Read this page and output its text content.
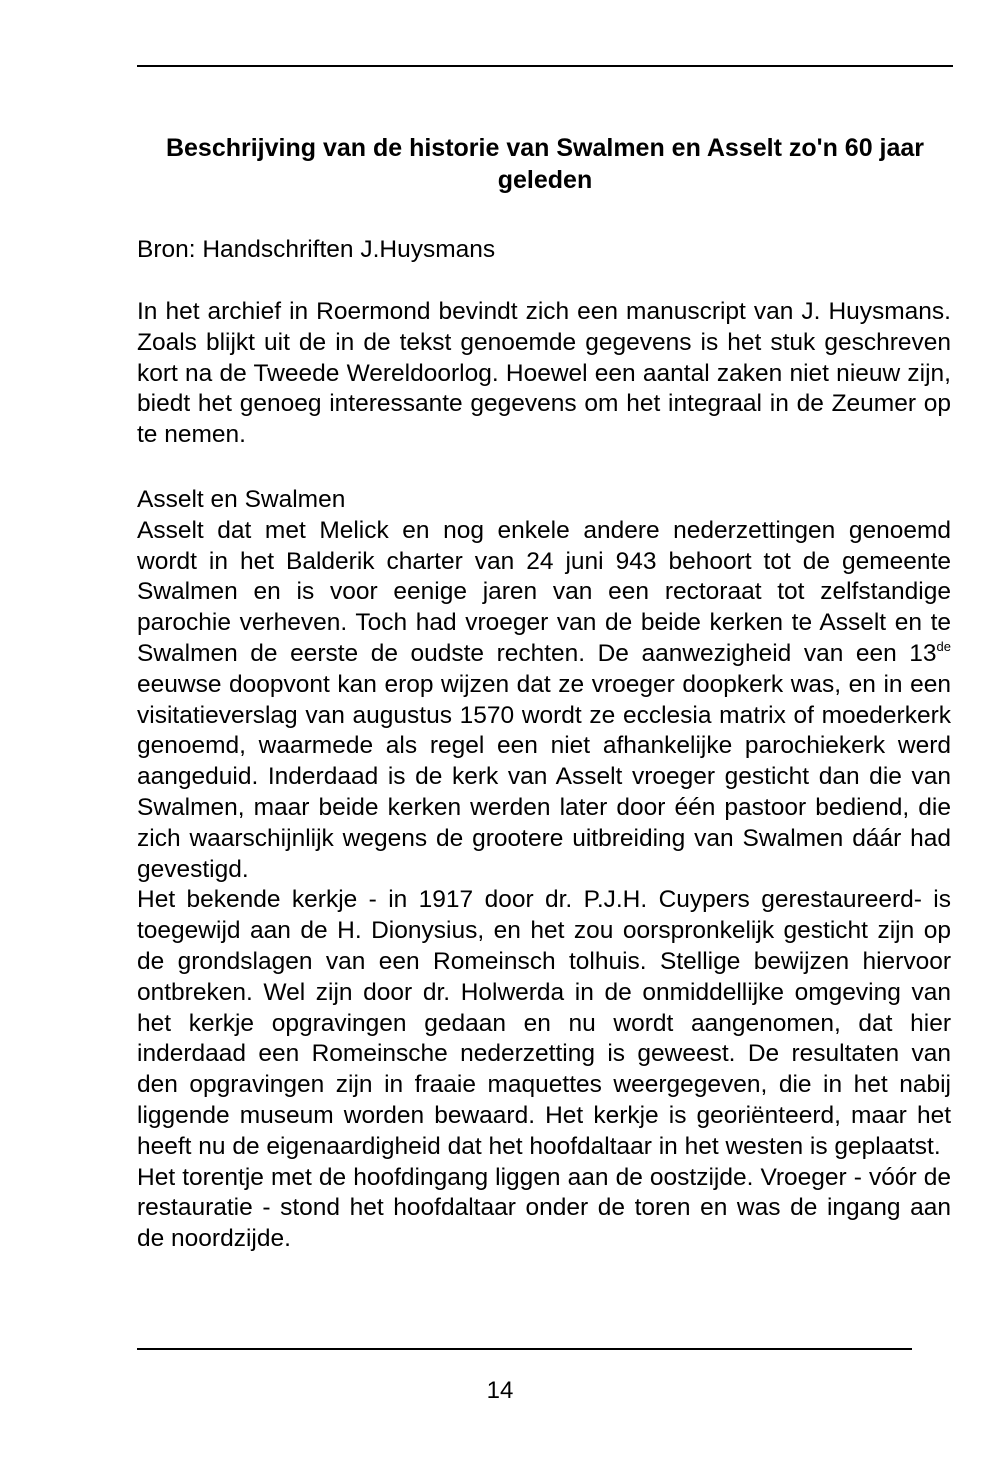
Beschrijving van de historie van Swalmen en Asselt zo'n 60 jaar geleden

Bron: Handschriften J.Huysmans

In het archief in Roermond bevindt zich een manuscript van J. Huysmans. Zoals blijkt uit de in de tekst genoemde gegevens is het stuk geschreven kort na de Tweede Wereldoorlog. Hoewel een aantal zaken niet nieuw zijn, biedt het genoeg interessante gegevens om het integraal in de Zeumer op te nemen.

Asselt en Swalmen

Asselt dat met Melick en nog enkele andere nederzettingen genoemd wordt in het Balderik charter van 24 juni 943 behoort tot de gemeente Swalmen en is voor eenige jaren van een rectoraat tot zelfstandige parochie verheven. Toch had vroeger van de beide kerken te Asselt en te Swalmen de eerste de oudste rechten. De aanwezigheid van een 13de eeuwse doopvont kan erop wijzen dat ze vroeger doopkerk was, en in een visitatieverslag van augustus 1570 wordt ze ecclesia matrix of moederkerk genoemd, waarmede als regel een niet afhankelijke parochiekerk werd aangeduid. Inderdaad is de kerk van Asselt vroeger gesticht dan die van Swalmen, maar beide kerken werden later door één pastoor bediend, die zich waarschijnlijk wegens de grootere uitbreiding van Swalmen dáár had gevestigd.

Het bekende kerkje - in 1917 door dr. P.J.H. Cuypers gerestaureerd- is toegewijd aan de H. Dionysius, en het zou oorspronkelijk gesticht zijn op de grondslagen van een Romeinsch tolhuis. Stellige bewijzen hiervoor ontbreken. Wel zijn door dr. Holwerda in de onmiddellijke omgeving van het kerkje opgravingen gedaan en nu wordt aangenomen, dat hier inderdaad een Romeinsche nederzetting is geweest. De resultaten van den opgravingen zijn in fraaie maquettes weergegeven, die in het nabij liggende museum worden bewaard. Het kerkje is georiënteerd, maar het heeft nu de eigenaardigheid dat het hoofdaltaar in het westen is geplaatst.

Het torentje met de hoofdingang liggen aan de oostzijde. Vroeger - vóór de restauratie - stond het hoofdaltaar onder de toren en was de ingang aan de noordzijde.

14
